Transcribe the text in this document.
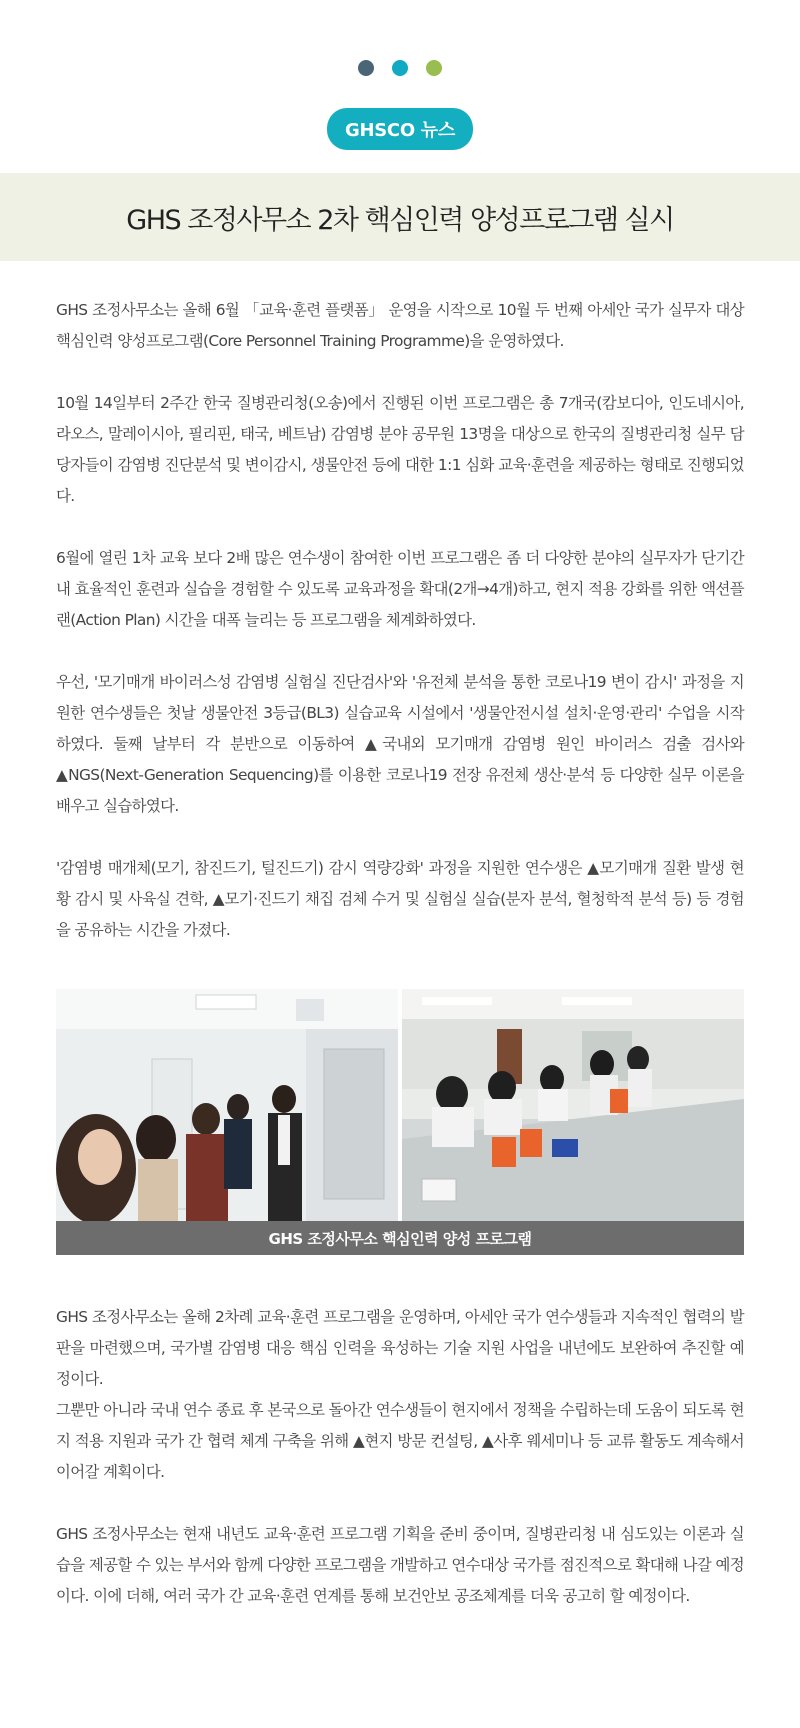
GHSCO 뉴스
GHS 조정사무소 2차 핵심인력 양성프로그램 실시

GHS 조정사무소는 올해 6월 「교육·훈련 플랫폼」 운영을 시작으로 10월 두 번째 아세안 국가 실무자 대상 핵심인력 양성프로그램(Core Personnel Training Programme)을 운영하였다.

10월 14일부터 2주간 한국 질병관리청(오송)에서 진행된 이번 프로그램은 총 7개국(캄보디아, 인도네시아, 라오스, 말레이시아, 필리핀, 태국, 베트남) 감염병 분야 공무원 13명을 대상으로 한국의 질병관리청 실무 담당자들이 감염병 진단분석 및 변이감시, 생물안전 등에 대한 1:1 심화 교육·훈련을 제공하는 형태로 진행되었다.

6월에 열린 1차 교육 보다 2배 많은 연수생이 참여한 이번 프로그램은 좀 더 다양한 분야의 실무자가 단기간 내 효율적인 훈련과 실습을 경험할 수 있도록 교육과정을 확대(2개→4개)하고, 현지 적용 강화를 위한 액션플랜(Action Plan) 시간을 대폭 늘리는 등 프로그램을 체계화하였다.

우선, '모기매개 바이러스성 감염병 실험실 진단검사'와 '유전체 분석을 통한 코로나19 변이 감시' 과정을 지원한 연수생들은 첫날 생물안전 3등급(BL3) 실습교육 시설에서 '생물안전시설 설치·운영·관리' 수업을 시작하였다. 둘째 날부터 각 분반으로 이동하여 ▲국내외 모기매개 감염병 원인 바이러스 검출 검사와 ▲NGS(Next-Generation Sequencing)를 이용한 코로나19 전장 유전체 생산·분석 등 다양한 실무 이론을 배우고 실습하였다.

'감염병 매개체(모기, 참진드기, 털진드기) 감시 역량강화' 과정을 지원한 연수생은 ▲모기매개 질환 발생 현황 감시 및 사육실 견학, ▲모기·진드기 채집 검체 수거 및 실험실 실습(분자 분석, 혈청학적 분석 등) 등 경험을 공유하는 시간을 가졌다.

GHS 조정사무소 핵심인력 양성 프로그램

GHS 조정사무소는 올해 2차례 교육·훈련 프로그램을 운영하며, 아세안 국가 연수생들과 지속적인 협력의 발판을 마련했으며, 국가별 감염병 대응 핵심 인력을 육성하는 기술 지원 사업을 내년에도 보완하여 추진할 예정이다.
그뿐만 아니라 국내 연수 종료 후 본국으로 돌아간 연수생들이 현지에서 정책을 수립하는데 도움이 되도록 현지 적용 지원과 국가 간 협력 체계 구축을 위해 ▲현지 방문 컨설팅, ▲사후 웨세미나 등 교류 활동도 계속해서 이어갈 계획이다.

GHS 조정사무소는 현재 내년도 교육·훈련 프로그램 기획을 준비 중이며, 질병관리청 내 심도있는 이론과 실습을 제공할 수 있는 부서와 함께 다양한 프로그램을 개발하고 연수대상 국가를 점진적으로 확대해 나갈 예정이다. 이에 더해, 여러 국가 간 교육·훈련 연계를 통해 보건안보 공조체계를 더욱 공고히 할 예정이다.
